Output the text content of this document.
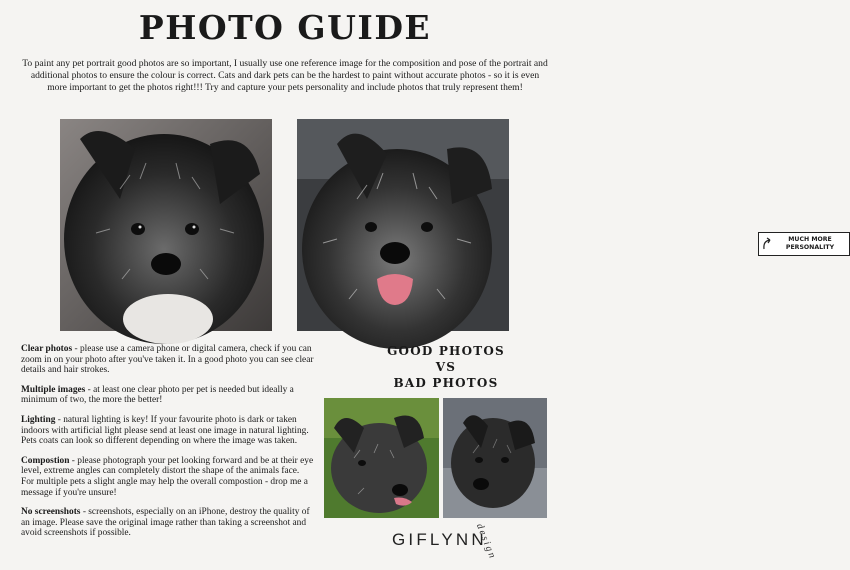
PHOTO GUIDE
To paint any pet portrait good photos are so important, I usually use one reference image for the composition and pose of the portrait and additional photos to ensure the colour is correct. Cats and dark pets can be the hardest to paint without accurate photos - so it is even more important to get the photos right!!! Try and capture your pets personality and include photos that truly represent them!
MUCH MORE
PERSONALITY

Clear photos - please use a camera phone or digital camera, check if you can zoom in on your photo after you've taken it. In a good photo you can see clear details and hair strokes.

Multiple images - at least one clear photo per pet is needed but ideally a minimum of two, the more the better!

Lighting - natural lighting is key! If your favourite photo is dark or taken indoors with artificial light please send at least one image in natural lighting. Pets coats can look so different depending on where the image was taken.

Compostion - please photograph your pet looking forward and be at their eye level, extreme angles can completely distort the shape of the animals face. For multiple pets a slight angle may help the overall compostion - drop me a message if you're unsure!

No screenshots - screenshots, especially on an iPhone, destroy the quality of an image. Please save the original image rather than taking a screenshot and avoid screenshots if possible.

GOOD PHOTOS
VS
BAD PHOTOS
GIFLYNN
design
